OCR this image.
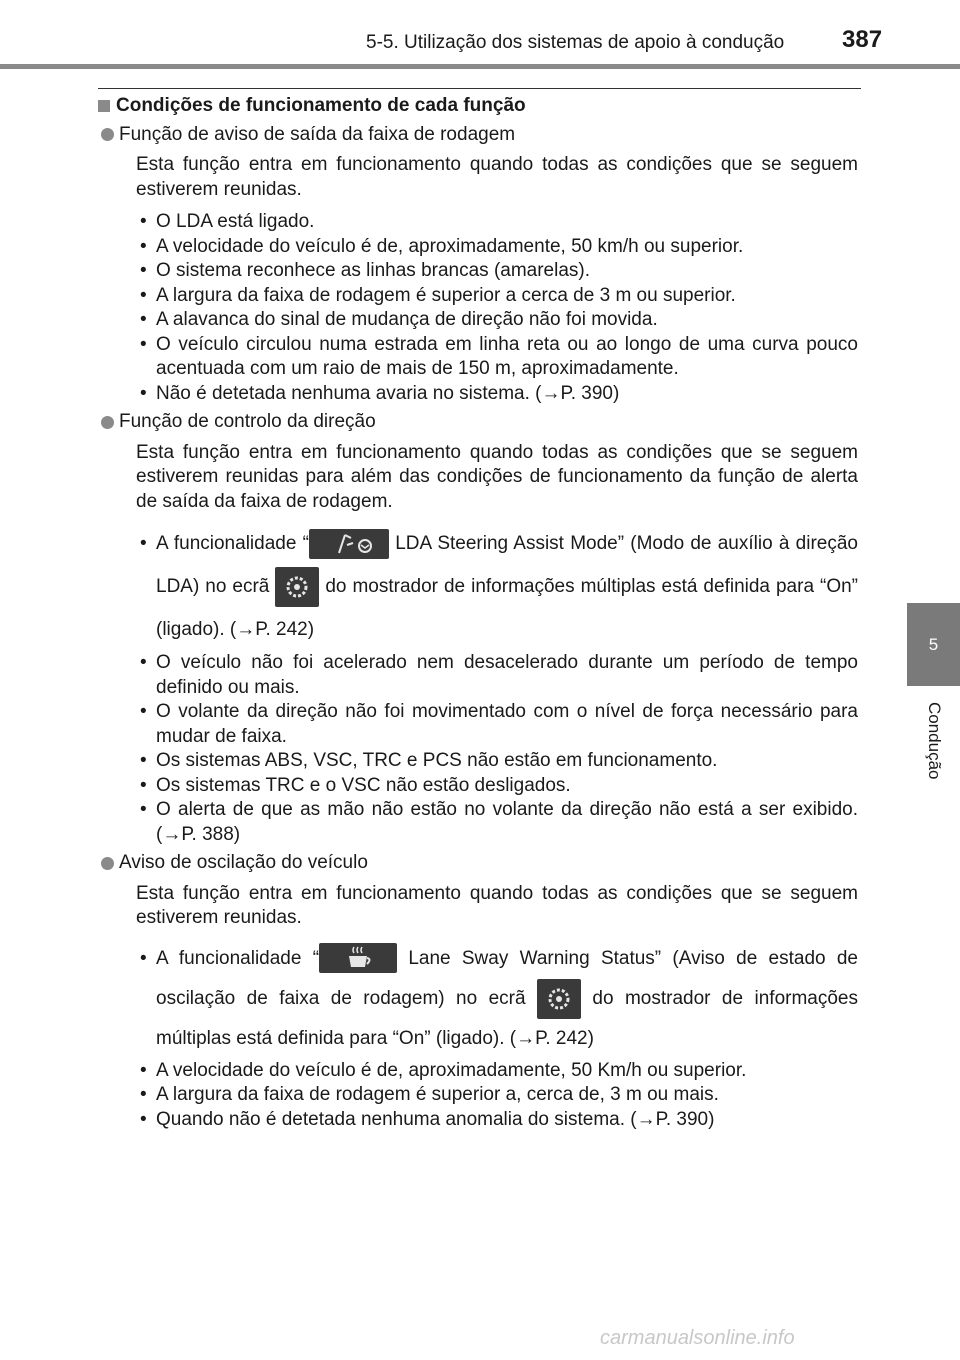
5-5. Utilização dos sistemas de apoio à condução	387
5
Condução
Condições de funcionamento de cada função
Função de aviso de saída da faixa de rodagem

Esta função entra em funcionamento quando todas as condições que se seguem estiverem reunidas.

• O LDA está ligado.
• A velocidade do veículo é de, aproximadamente, 50 km/h ou superior.
• O sistema reconhece as linhas brancas (amarelas).
• A largura da faixa de rodagem é superior a cerca de 3 m ou superior.
• A alavanca do sinal de mudança de direção não foi movida.
• O veículo circulou numa estrada em linha reta ou ao longo de uma curva pouco acentuada com um raio de mais de 150 m, aproximadamente.
• Não é detetada nenhuma avaria no sistema. (→P. 390)
Função de controlo da direção

Esta função entra em funcionamento quando todas as condições que se seguem estiverem reunidas para além das condições de funcionamento da função de alerta de saída da faixa de rodagem.

• A funcionalidade “	LDA Steering Assist Mode” (Modo de auxílio à direção LDA) no ecrã
do mostrador de informações múltiplas está definida para “On” (ligado). (→P. 242)
• O veículo não foi acelerado nem desacelerado durante um período de tempo definido ou mais.
• O volante da direção não foi movimentado com o nível de força necessário para mudar de faixa.
• Os sistemas ABS, VSC, TRC e PCS não estão em funcionamento.
• Os sistemas TRC e o VSC não estão desligados.
• O alerta de que as mão não estão no volante da direção não está a ser exibido. (→P. 388)
Aviso de oscilação do veículo

Esta função entra em funcionamento quando todas as condições que se seguem estiverem reunidas.

• A funcionalidade “	Lane Sway Warning Status” (Aviso de estado de oscilação de faixa de rodagem) no ecrã
do mostrador de informações múltiplas está definida para “On” (ligado). (→P. 242)
• A velocidade do veículo é de, aproximadamente, 50 Km/h ou superior.
• A largura da faixa de rodagem é superior a, cerca de, 3 m ou mais.
• Quando não é detetada nenhuma anomalia do sistema. (→P. 390)
carmanualsonline.info
